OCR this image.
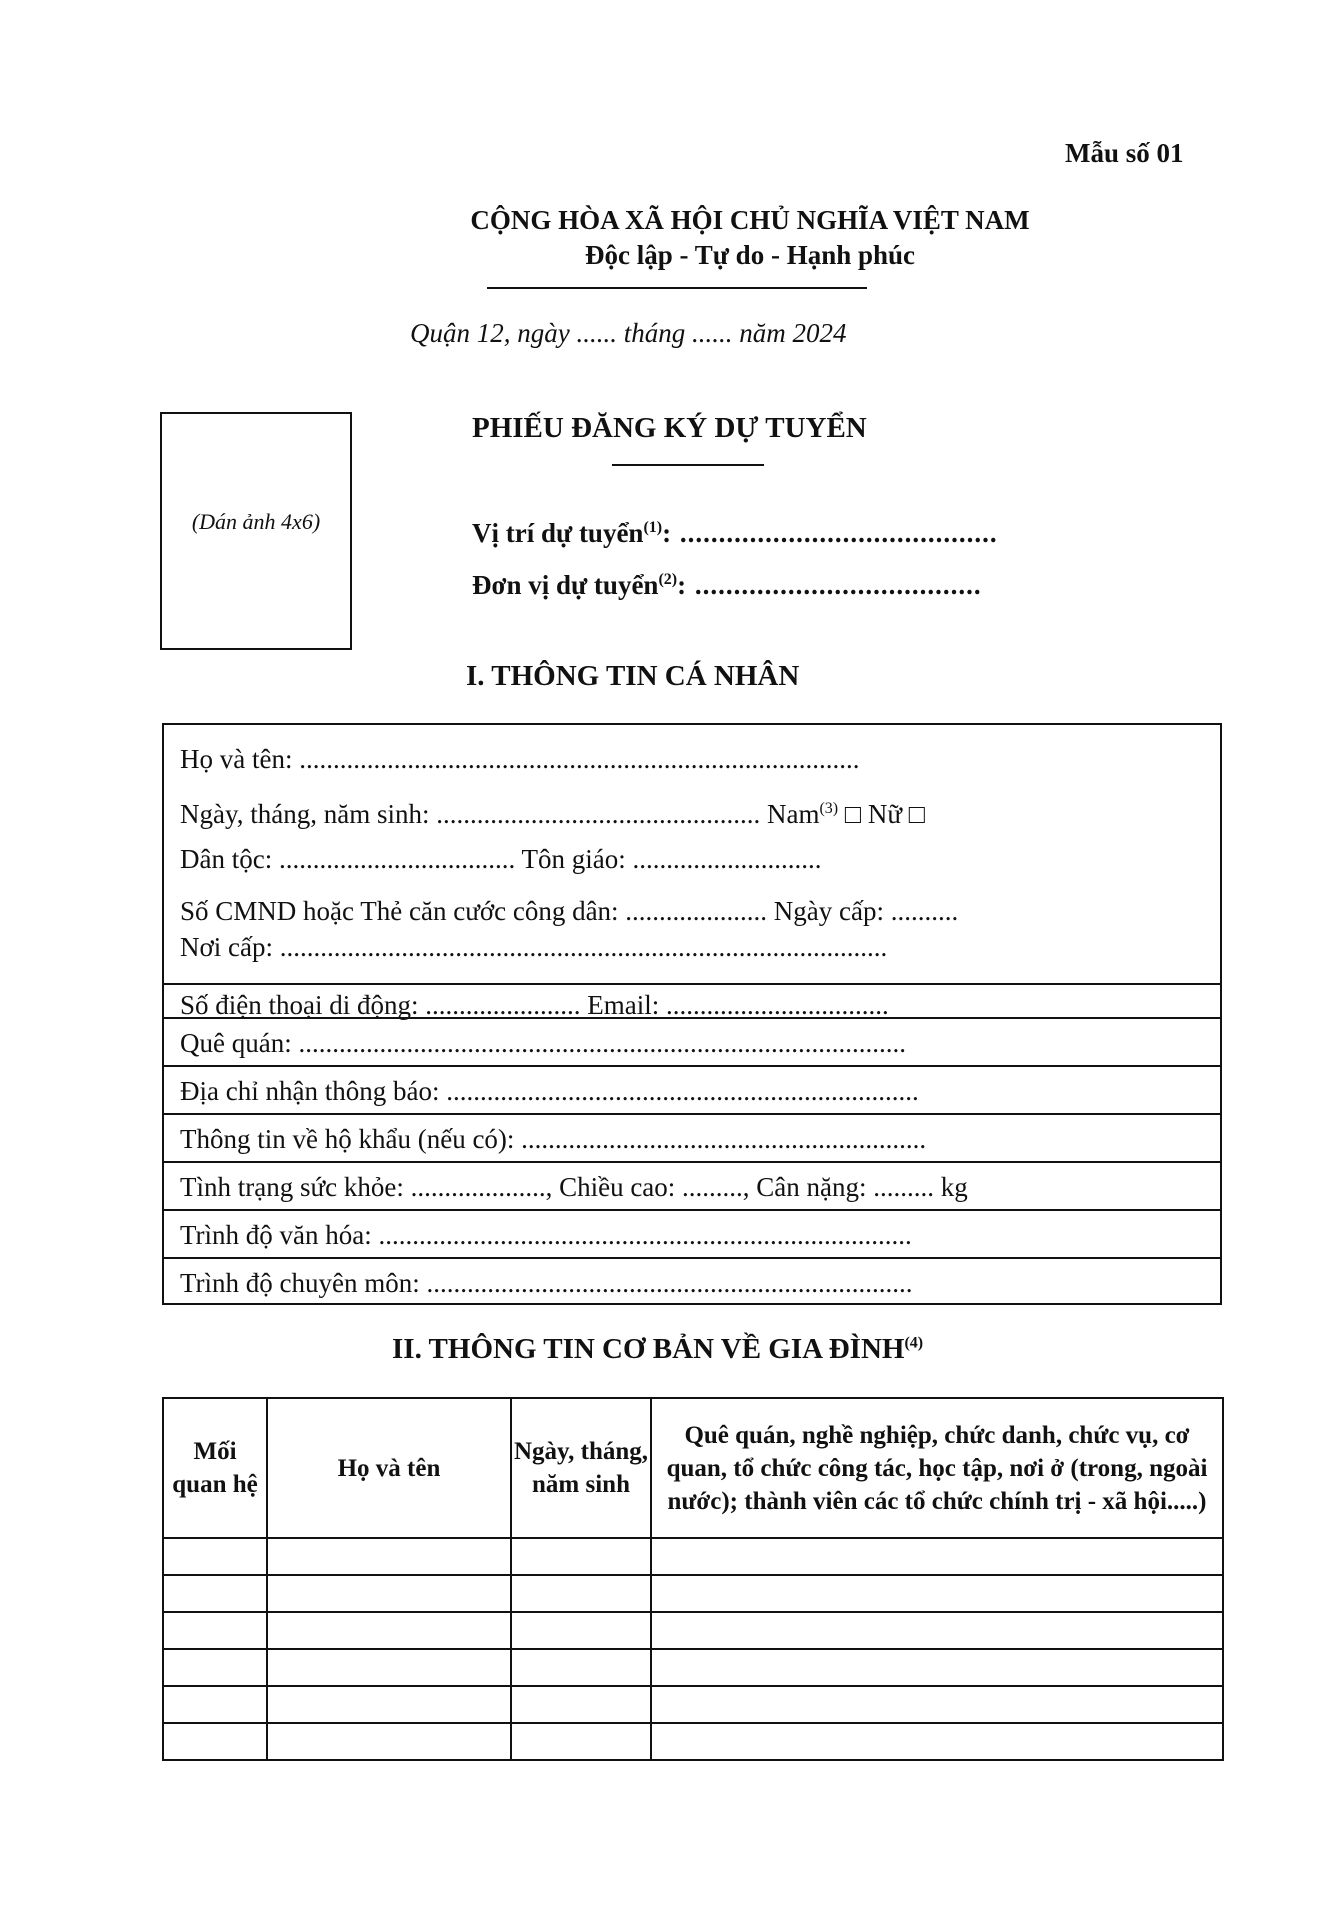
Mẫu số 01
CỘNG HÒA XÃ HỘI CHỦ NGHĨA VIỆT NAM
Độc lập - Tự do - Hạnh phúc
Quận 12, ngày ...... tháng ...... năm 2024
(Dán ảnh 4x6)
PHIẾU ĐĂNG KÝ DỰ TUYỂN
Vị trí dự tuyển$^{(1)}$: .........................................
Đơn vị dự tuyển$^{(2)}$: .....................................
I. THÔNG TIN CÁ NHÂN
Họ và tên: ...................................................................................
Ngày, tháng, năm sinh: ................................................ Nam$^{(3)}$ □ Nữ □
Dân tộc: ................................... Tôn giáo: ............................
Số CMND hoặc Thẻ căn cước công dân: ..................... Ngày cấp: ..........
Nơi cấp: ..........................................................................................
Số điện thoại di động: ....................... Email: .................................
Quê quán: ..........................................................................................
Địa chỉ nhận thông báo: ......................................................................
Thông tin về hộ khẩu (nếu có): ............................................................
Tình trạng sức khỏe: ...................., Chiều cao: ........., Cân nặng: ......... kg
Trình độ văn hóa: ...............................................................................
Trình độ chuyên môn: ........................................................................
II. THÔNG TIN CƠ BẢN VỀ GIA ĐÌNH$^{(4)}$
Mối quan hệ	Họ và tên	Ngày, tháng, năm sinh	Quê quán, nghề nghiệp, chức danh, chức vụ, cơ quan, tổ chức công tác, học tập, nơi ở (trong, ngoài nước); thành viên các tổ chức chính trị - xã hội.....)
